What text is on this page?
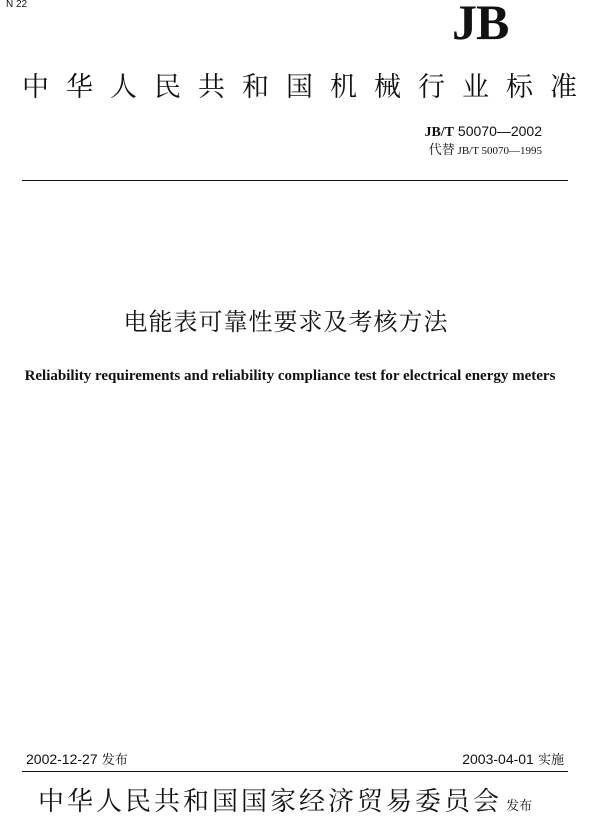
N 22	JB
中华人民共和国机械行业标准
JB/T 50070—2002
代替 JB/T 50070—1995
电能表可靠性要求及考核方法
Reliability requirements and reliability compliance test for electrical energy meters
2002-12-27 发布	2003-04-01 实施
中华人民共和国国家经济贸易委员会 发布
